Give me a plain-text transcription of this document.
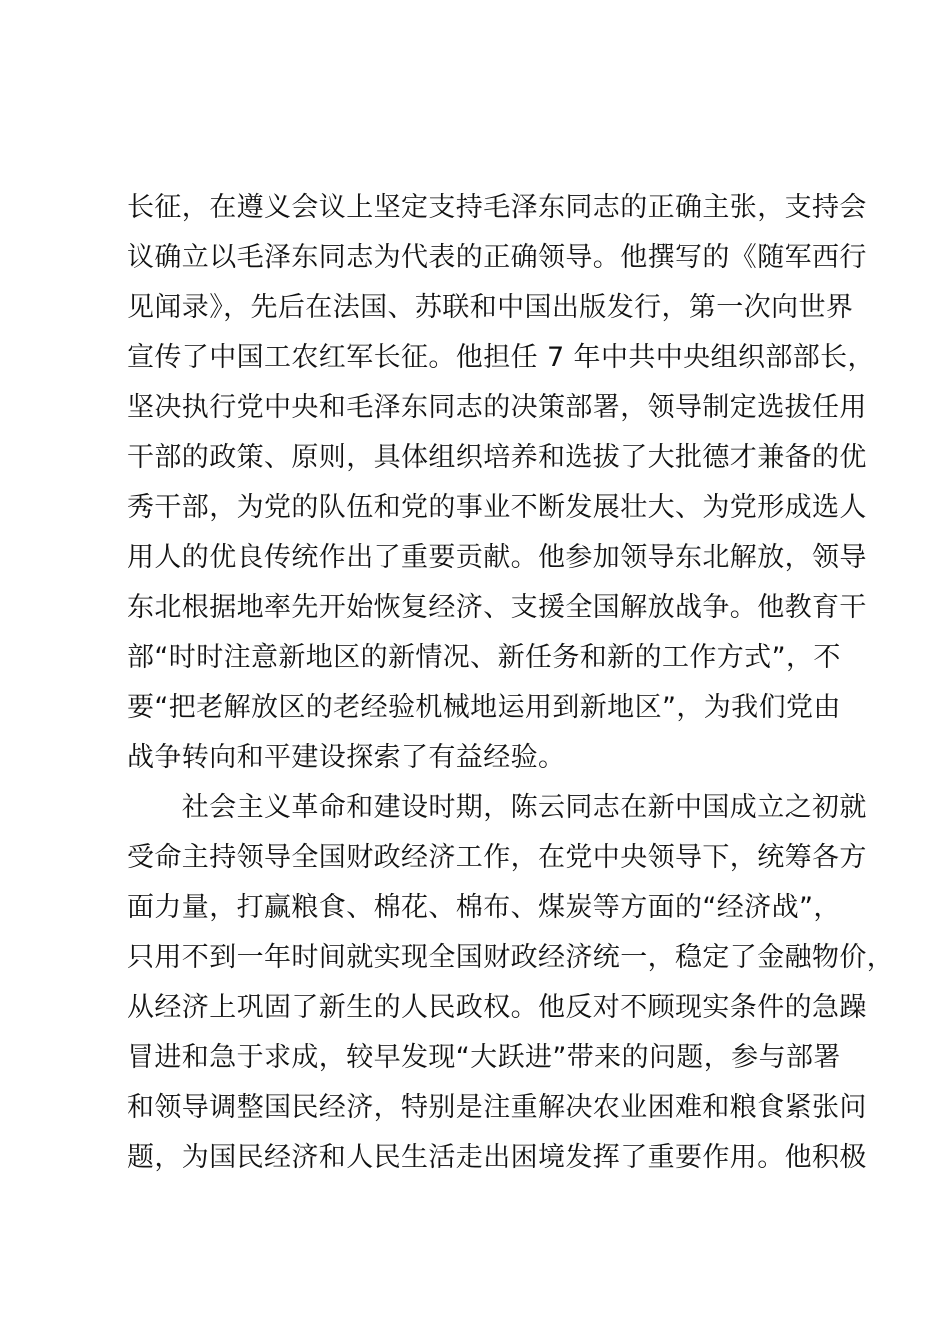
长征，在遵义会议上坚定支持毛泽东同志的正确主张，支持会
议确立以毛泽东同志为代表的正确领导。他撰写的《随军西行
见闻录》，先后在法国、苏联和中国出版发行，第一次向世界
宣传了中国工农红军长征。他担任 7 年中共中央组织部部长，
坚决执行党中央和毛泽东同志的决策部署，领导制定选拔任用
干部的政策、原则，具体组织培养和选拔了大批德才兼备的优
秀干部，为党的队伍和党的事业不断发展壮大、为党形成选人
用人的优良传统作出了重要贡献。他参加领导东北解放，领导
东北根据地率先开始恢复经济、支援全国解放战争。他教育干
部“时时注意新地区的新情况、新任务和新的工作方式”，不
要“把老解放区的老经验机械地运用到新地区”，为我们党由
战争转向和平建设探索了有益经验。
　　社会主义革命和建设时期，陈云同志在新中国成立之初就
受命主持领导全国财政经济工作，在党中央领导下，统筹各方
面力量，打赢粮食、棉花、棉布、煤炭等方面的“经济战”，
只用不到一年时间就实现全国财政经济统一，稳定了金融物价，
从经济上巩固了新生的人民政权。他反对不顾现实条件的急躁
冒进和急于求成，较早发现“大跃进”带来的问题，参与部署
和领导调整国民经济，特别是注重解决农业困难和粮食紧张问
题，为国民经济和人民生活走出困境发挥了重要作用。他积极
